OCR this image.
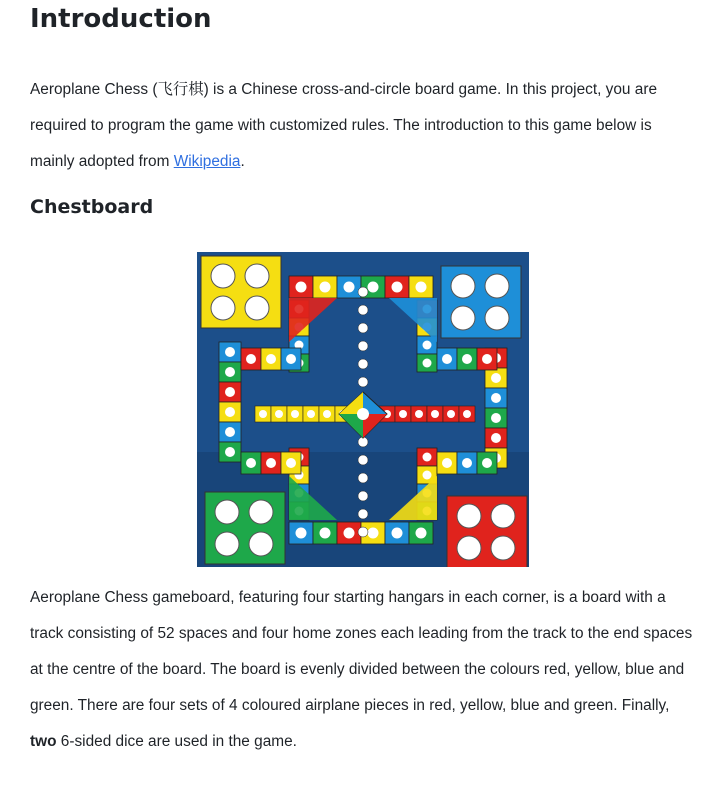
Introduction

Aeroplane Chess (飞行棋) is a Chinese cross-and-circle board game. In this project, you are required to program the game with customized rules. The introduction to this game below is mainly adopted from Wikipedia.

Chestboard

Aeroplane Chess gameboard, featuring four starting hangars in each corner, is a board with a track consisting of 52 spaces and four home zones each leading from the track to the end spaces at the centre of the board. The board is evenly divided between the colours red, yellow, blue and green. There are four sets of 4 coloured airplane pieces in red, yellow, blue and green. Finally, two 6-sided dice are used in the game.
